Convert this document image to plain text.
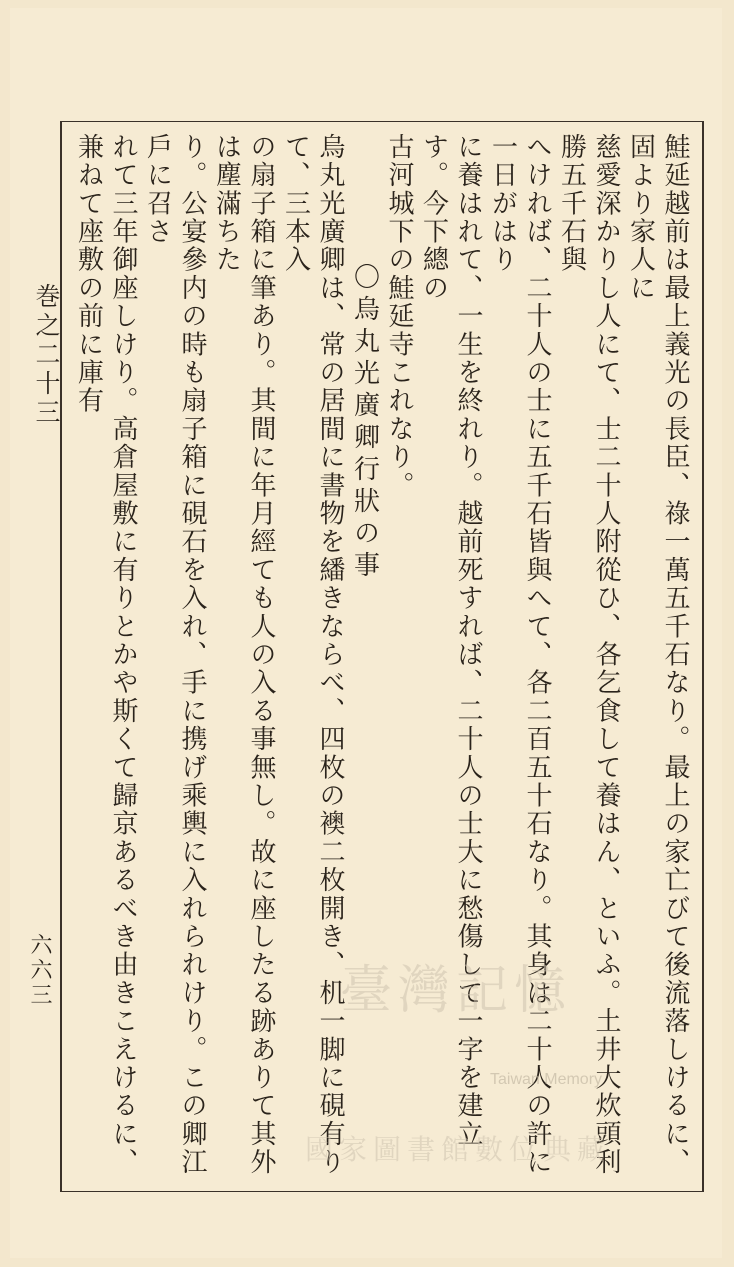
巻之二十三
六六三	鮭延越前は最上義光の長臣、祿一萬五千石なり。最上の家亡びて後流落しけるに、固より家人に

慈愛深かりし人にて、士二十人附從ひ、各乞食して養はん、といふ。土井大炊頭利勝五千石與

へければ、二十人の士に五千石皆與へて、各二百五十石なり。其身は二十人の許に一日がはり

に養はれて、一生を終れり。越前死すれば、二十人の士大に愁傷して一字を建立す。今下總の

古河城下の鮭延寺これなり。

〇烏丸光廣卿行狀の事

烏丸光廣卿は、常の居間に書物を繙きならべ、四枚の襖二枚開き、机一脚に硯有りて、三本入

の扇子箱に筆あり。其間に年月經ても人の入る事無し。故に座したる跡ありて其外は塵滿ちた

り。公宴參内の時も扇子箱に硯石を入れ、手に携げ乘輿に入れられけり。この卿江戶に召さ

れて三年御座しけり。高倉屋敷に有りとかや斯くて歸京あるべき由きこえけるに、兼ねて座敷の前に庫有

臺灣記憶
Taiwan Memory
國家圖書館數位典藏
